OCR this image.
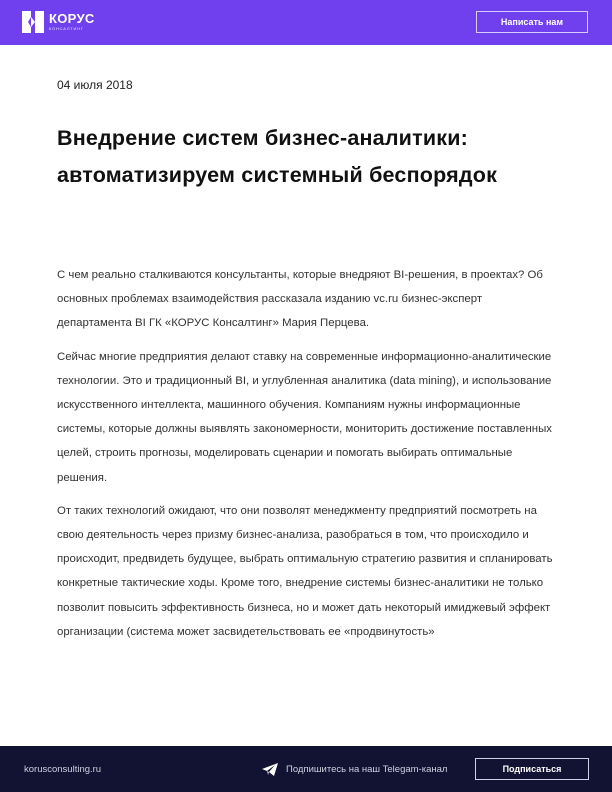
КОРУС
КОНСАЛТИНГ
Написать нам
04 июля 2018
Внедрение систем бизнес-аналитики: автоматизируем системный беспорядок

С чем реально сталкиваются консультанты, которые внедряют BI-решения, в проектах? Об основных проблемах взаимодействия рассказала изданию vc.ru бизнес-эксперт департамента BI ГК «КОРУС Консалтинг» Мария Перцева.

Сейчас многие предприятия делают ставку на современные информационно-аналитические технологии. Это и традиционный BI, и углубленная аналитика (data mining), и использование искусственного интеллекта, машинного обучения. Компаниям нужны информационные системы, которые должны выявлять закономерности, мониторить достижение поставленных целей, строить прогнозы, моделировать сценарии и помогать выбирать оптимальные решения.

От таких технологий ожидают, что они позволят менеджменту предприятий посмотреть на свою деятельность через призму бизнес-анализа, разобраться в том, что происходило и происходит, предвидеть будущее, выбрать оптимальную стратегию развития и спланировать конкретные тактические ходы. Кроме того, внедрение системы бизнес-аналитики не только позволит повысить эффективность бизнеса, но и может дать некоторый имиджевый эффект организации (система может засвидетельствовать ее «продвинутость»

korusconsulting.ru	Подпишитесь на наш Telegam-канал	Подписаться
